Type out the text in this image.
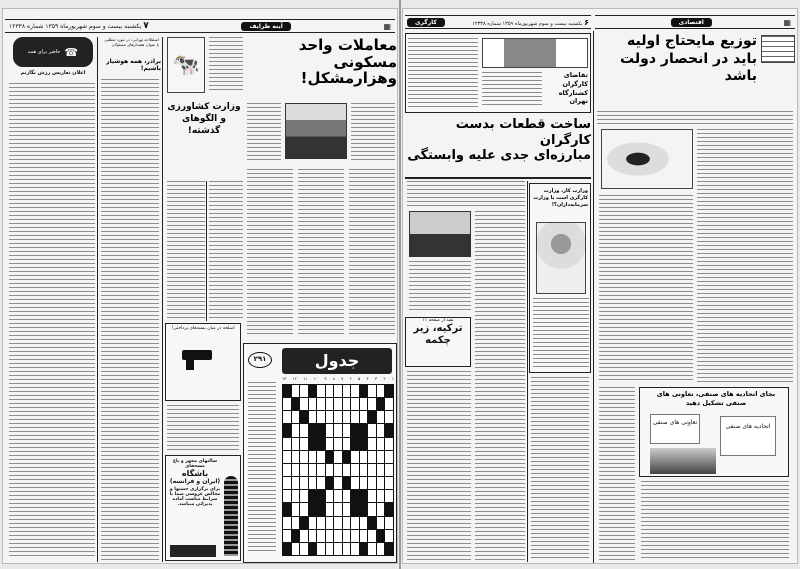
▦
آینه ظرایف
۷ یکشنبه بیست و سوم شهریورماه ۱۳۵۹ شماره ۱۲۳۳۸
☎
حاضر برای همه
اعلان تعاریس رزش نگارنم
اسطلاحه تهرانی: در مورد مطلبی با عنوان هشدارهای مسئولان
برادر، همه هوشیار باشیم! 🐄
وزارت کشاورزی و الگوهای گذشته!
معاملات واحد مسکونی
وهزارمشکل!
اسلحه در میان بسته‌های پرداختی!
سالنهای مجهز و باغ مسحفای
باشگاه
(ایران و فرانسه)
برای برگزاری جشنها و مجالس عروسی شما با شرایط مناسب آماده پذیرائی میباشد.
۲۹۱	جدول
۱
۲
۳
۴
۵
۶
۷
۸
۹
۱۰
۱۱
۱۲
۱۳
۶ یکشنبه بیست و سوم شهریورماه ۱۳۵۹ شماره ۱۲۳۳۸
کارگری	▦
اقتصادی
تقاضای کارگران کشتارگاه تهران
ساخت قطعات بدست کارگران
مبارزه‌ای جدی علیه وابستگی
وزارت کار، وزارت کارگری است یا وزارت سرمایه‌داران؟!
بقیه از صفحه ۱۱
ترکیه، زیر چکمه
توزیع مایحتاج اولیه
باید در انحصار دولت باشد
بجای اتحادیه های صنفی، تعاونی های صنفی تشکیل دهید
تعاونی های صنفی
اتحادیه های صنفی
